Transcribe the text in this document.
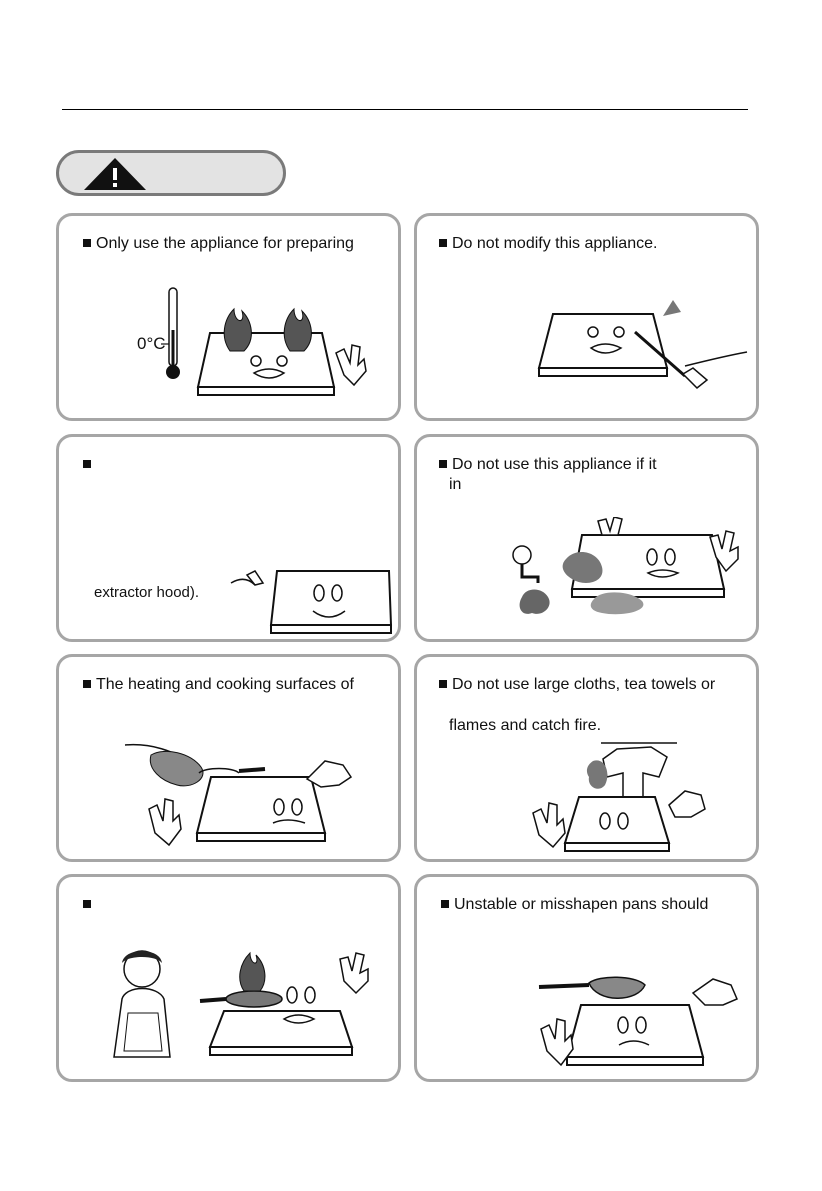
Only use the appliance for preparing
0°C
Do not modify this appliance.
extractor hood).
Do not use this appliance if it
in
The heating and cooking surfaces of	Do not use large cloths, tea towels or
flames and catch fire.
Unstable or misshapen pans should
